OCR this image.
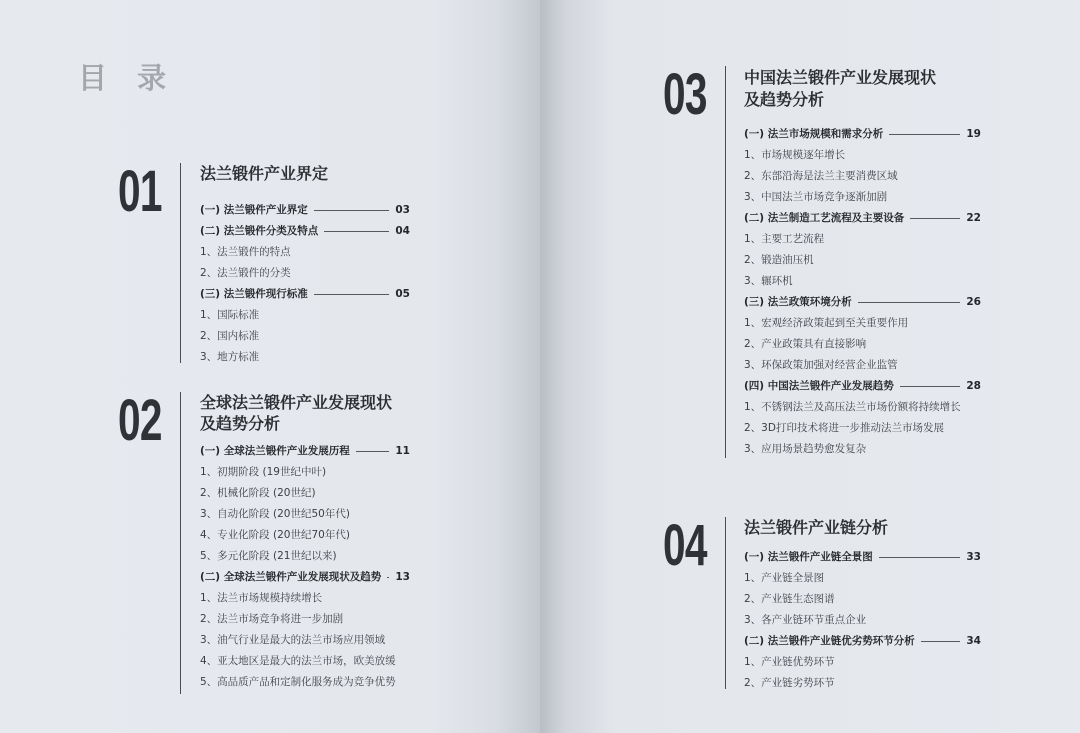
目 录
01 法兰锻件产业界定
(一) 法兰锻件产业界定	03
(二) 法兰锻件分类及特点	04
1、法兰锻件的特点
2、法兰锻件的分类
(三) 法兰锻件现行标准	05
1、国际标准
2、国内标准
3、地方标准
02 全球法兰锻件产业发展现状
及趋势分析
(一) 全球法兰锻件产业发展历程	11
1、初期阶段 (19世纪中叶)
2、机械化阶段 (20世纪)
3、自动化阶段 (20世纪50年代)
4、专业化阶段 (20世纪70年代)
5、多元化阶段 (21世纪以来)
(二) 全球法兰锻件产业发展现状及趋势 13
1、法兰市场规模持续增长
2、法兰市场竞争将进一步加剧
3、油气行业是最大的法兰市场应用领域
4、亚太地区是最大的法兰市场，欧美放缓
5、高品质产品和定制化服务成为竞争优势
03 中国法兰锻件产业发展现状
及趋势分析
(一) 法兰市场规模和需求分析	19
1、市场规模逐年增长
2、东部沿海是法兰主要消费区域
3、中国法兰市场竞争逐渐加剧
(二) 法兰制造工艺流程及主要设备	22
1、主要工艺流程
2、锻造油压机
3、辗环机
(三) 法兰政策环境分析	26
1、宏观经济政策起到至关重要作用
2、产业政策具有直接影响
3、环保政策加强对经营企业监管
(四) 中国法兰锻件产业发展趋势	28
1、不锈钢法兰及高压法兰市场份额将持续增长
2、3D打印技术将进一步推动法兰市场发展
3、应用场景趋势愈发复杂
04 法兰锻件产业链分析
(一) 法兰锻件产业链全景图	33
1、产业链全景图
2、产业链生态图谱
3、各产业链环节重点企业
(二) 法兰锻件产业链优劣势环节分析	34
1、产业链优势环节
2、产业链劣势环节
